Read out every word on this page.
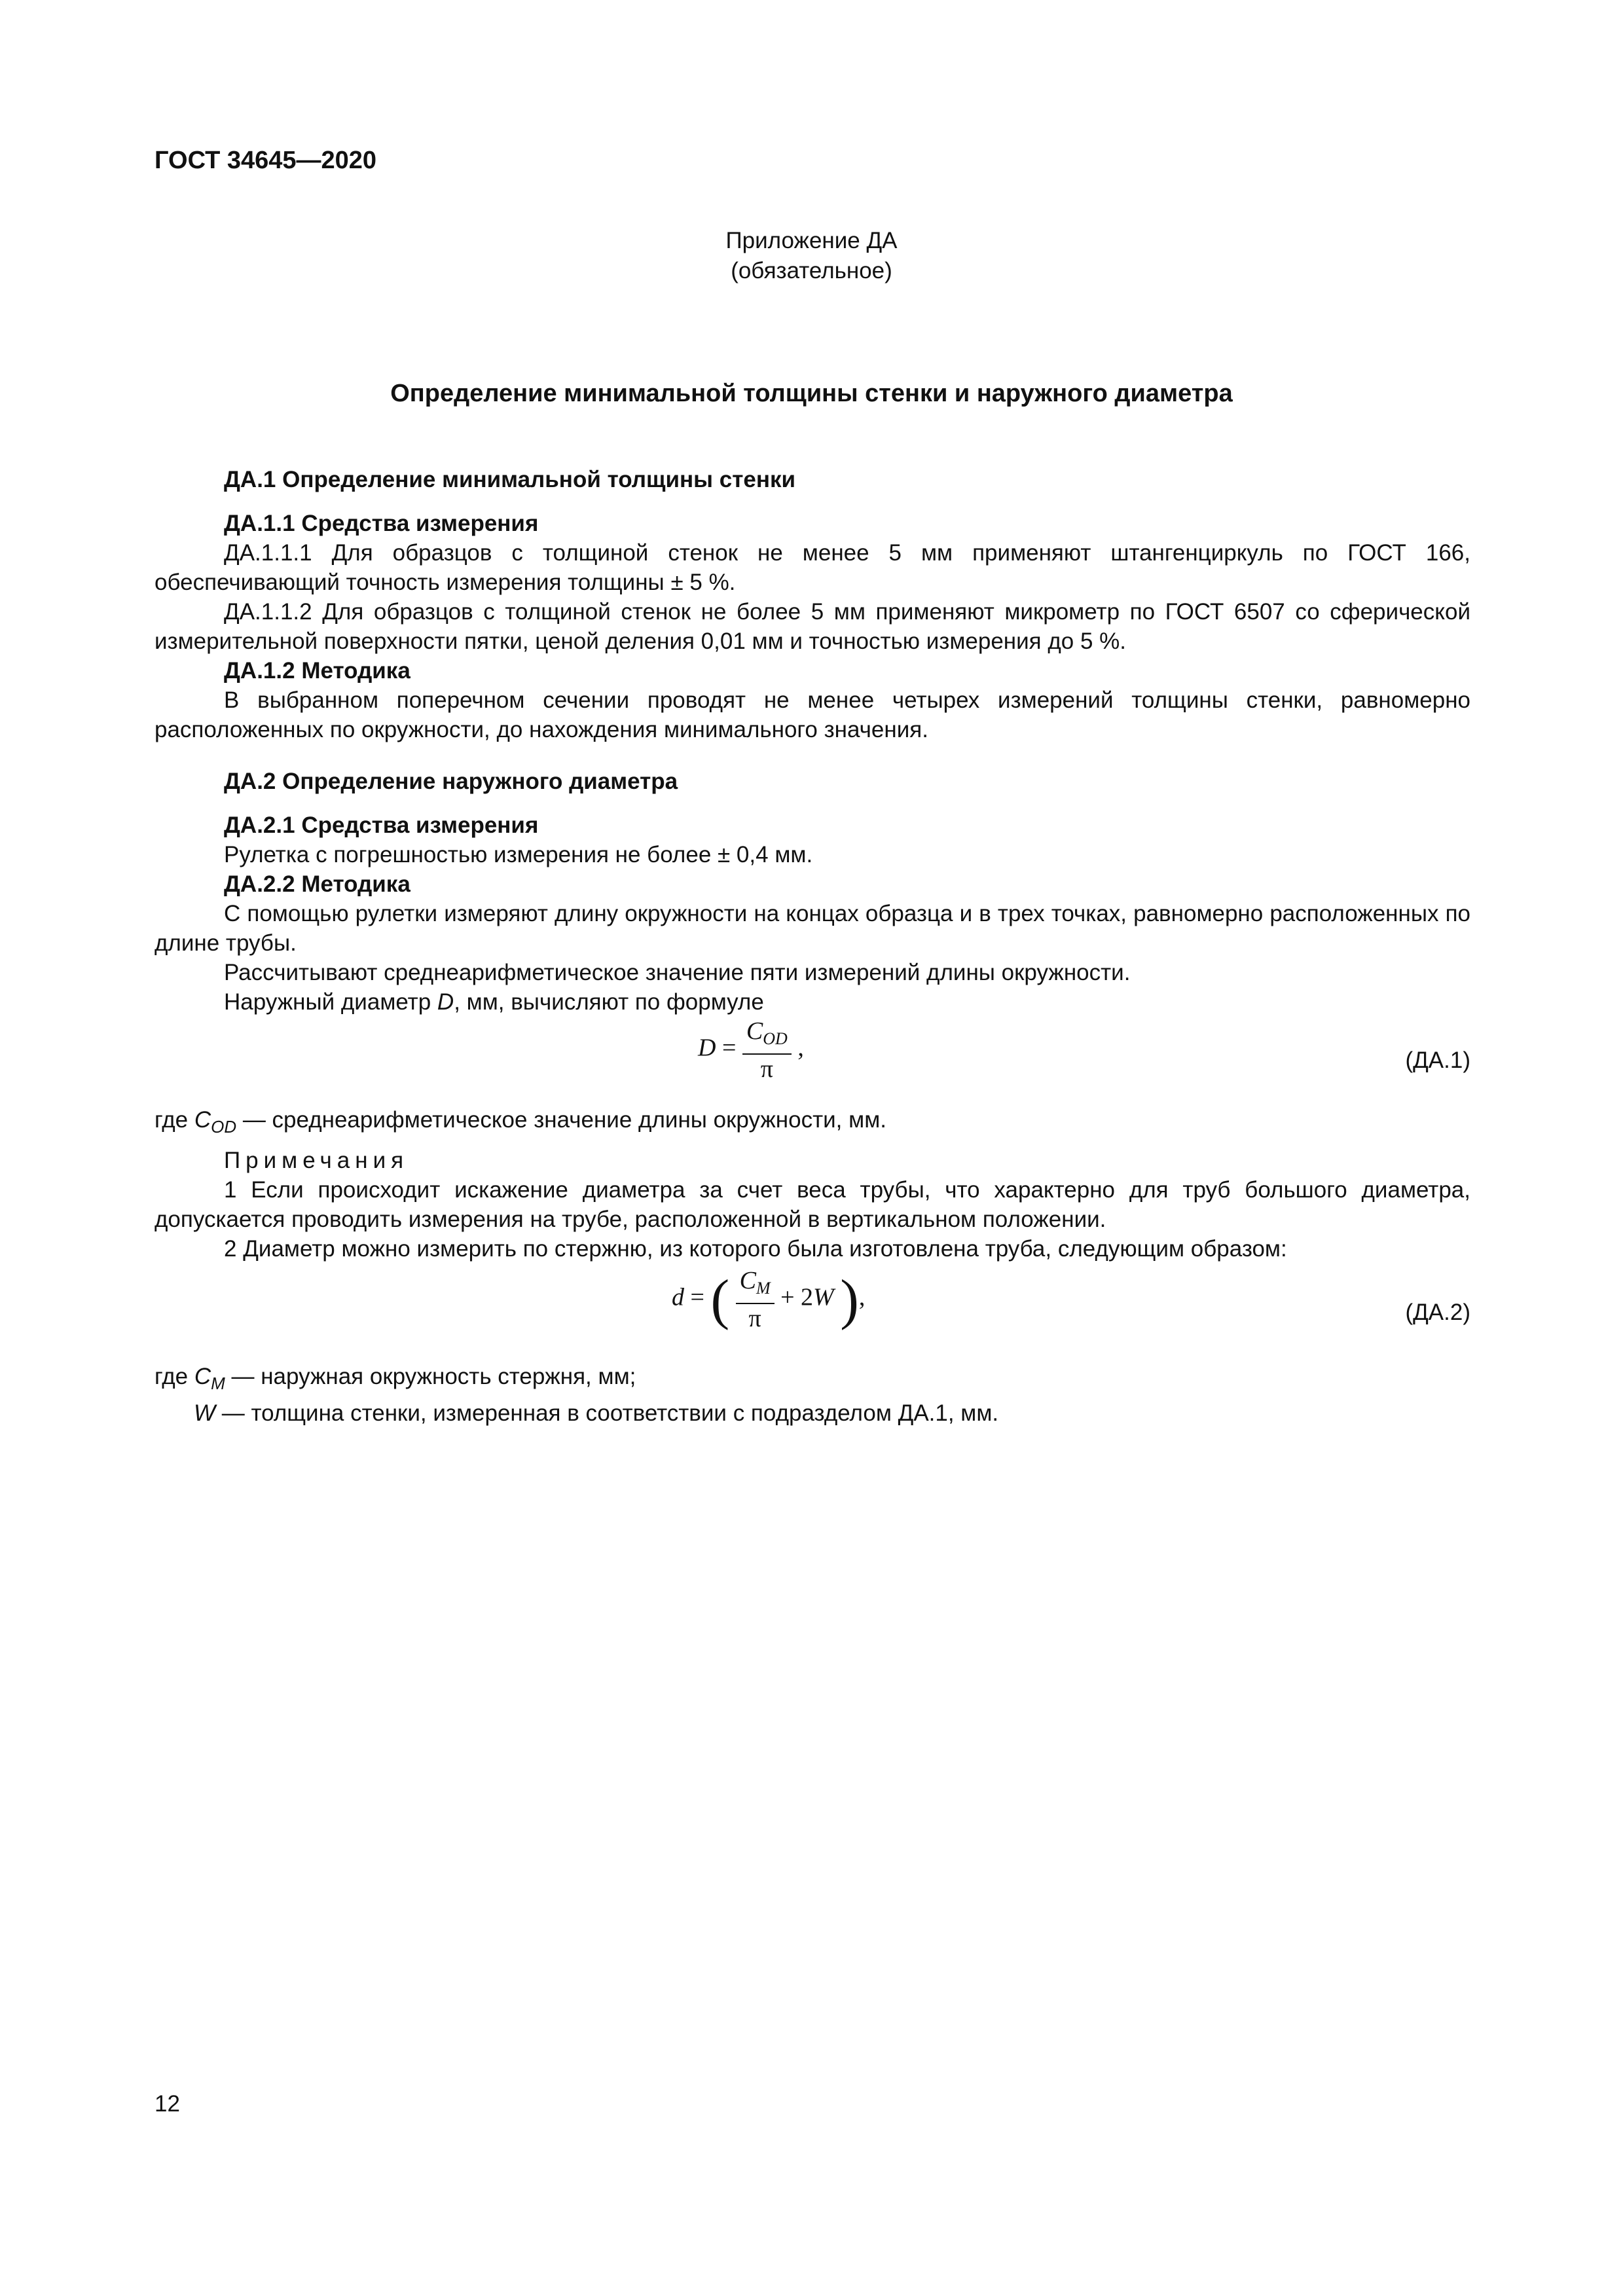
ГОСТ 34645—2020
Приложение ДА
(обязательное)
Определение минимальной толщины стенки и наружного диаметра

ДА.1 Определение минимальной толщины стенки

ДА.1.1 Средства измерения

ДА.1.1.1 Для образцов с толщиной стенок не менее 5 мм применяют штангенциркуль по ГОСТ 166, обеспечивающий точность измерения толщины ± 5 %.

ДА.1.1.2 Для образцов с толщиной стенок не более 5 мм применяют микрометр по ГОСТ 6507 со сферической измерительной поверхности пятки, ценой деления 0,01 мм и точностью измерения до 5 %.

ДА.1.2 Методика

В выбранном поперечном сечении проводят не менее четырех измерений толщины стенки, равномерно расположенных по окружности, до нахождения минимального значения.

ДА.2 Определение наружного диаметра

ДА.2.1 Средства измерения

Рулетка с погрешностью измерения не более ± 0,4 мм.

ДА.2.2 Методика

С помощью рулетки измеряют длину окружности на концах образца и в трех точках, равномерно расположенных по длине трубы.

Рассчитывают среднеарифметическое значение пяти измерений длины окружности.

Наружный диаметр D, мм, вычисляют по формуле

$D = \frac{C_{OD}}{\pi}$ ,	(ДА.1)

где $C_{OD}$ — среднеарифметическое значение длины окружности, мм.

Примечания

1 Если происходит искажение диаметра за счет веса трубы, что характерно для труб большого диаметра, допускается проводить измерения на трубе, расположенной в вертикальном положении.

2 Диаметр можно измерить по стержню, из которого была изготовлена труба, следующим образом:

d = ( $\frac{C_M}{\pi} + 2W$ ),
(ДА.2)

где $C_M$ — наружная окружность стержня, мм;

W — толщина стенки, измеренная в соответствии с подразделом ДА.1, мм.

12
